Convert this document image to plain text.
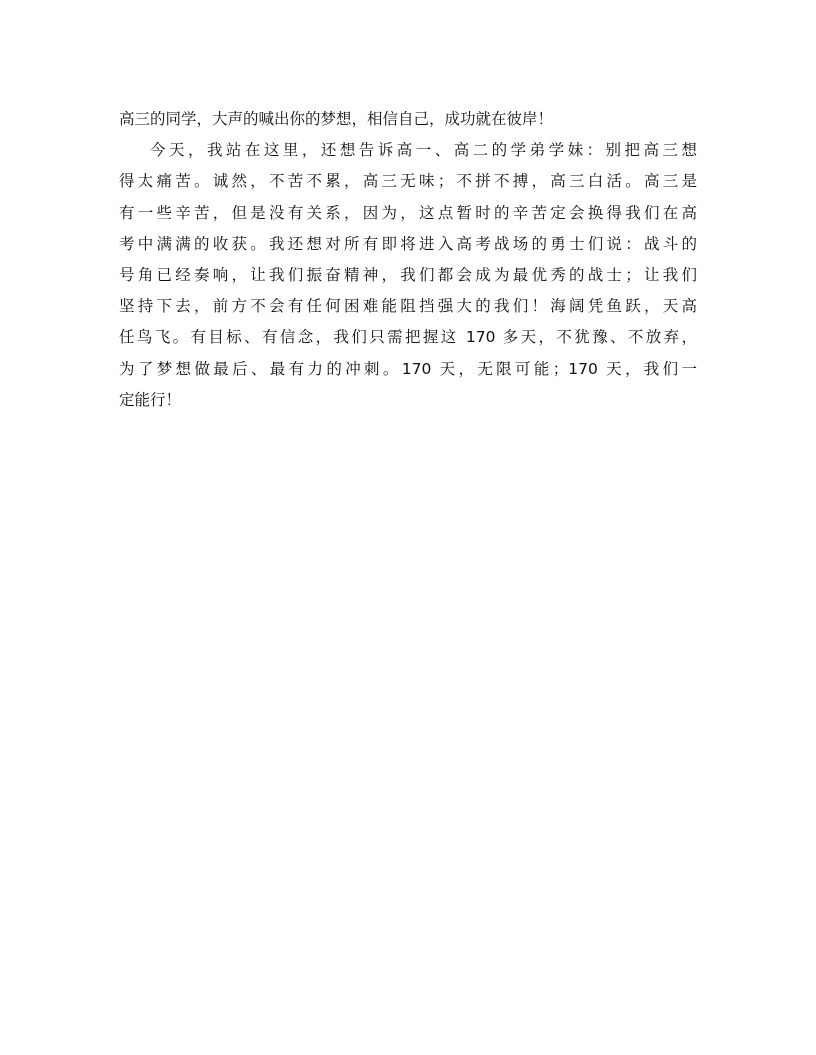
高三的同学，大声的喊出你的梦想，相信自己，成功就在彼岸！
今天，我站在这里，还想告诉高一、高二的学弟学妹：别把高三想
得太痛苦。诚然，不苦不累，高三无味；不拼不搏，高三白活。高三是
有一些辛苦，但是没有关系，因为，这点暂时的辛苦定会换得我们在高
考中满满的收获。我还想对所有即将进入高考战场的勇士们说：战斗的
号角已经奏响，让我们振奋精神，我们都会成为最优秀的战士；让我们
坚持下去，前方不会有任何困难能阻挡强大的我们！海阔凭鱼跃，天高
任鸟飞。有目标、有信念，我们只需把握这 170 多天，不犹豫、不放弃，
为了梦想做最后、最有力的冲刺。170 天，无限可能；170 天，我们一
定能行！
